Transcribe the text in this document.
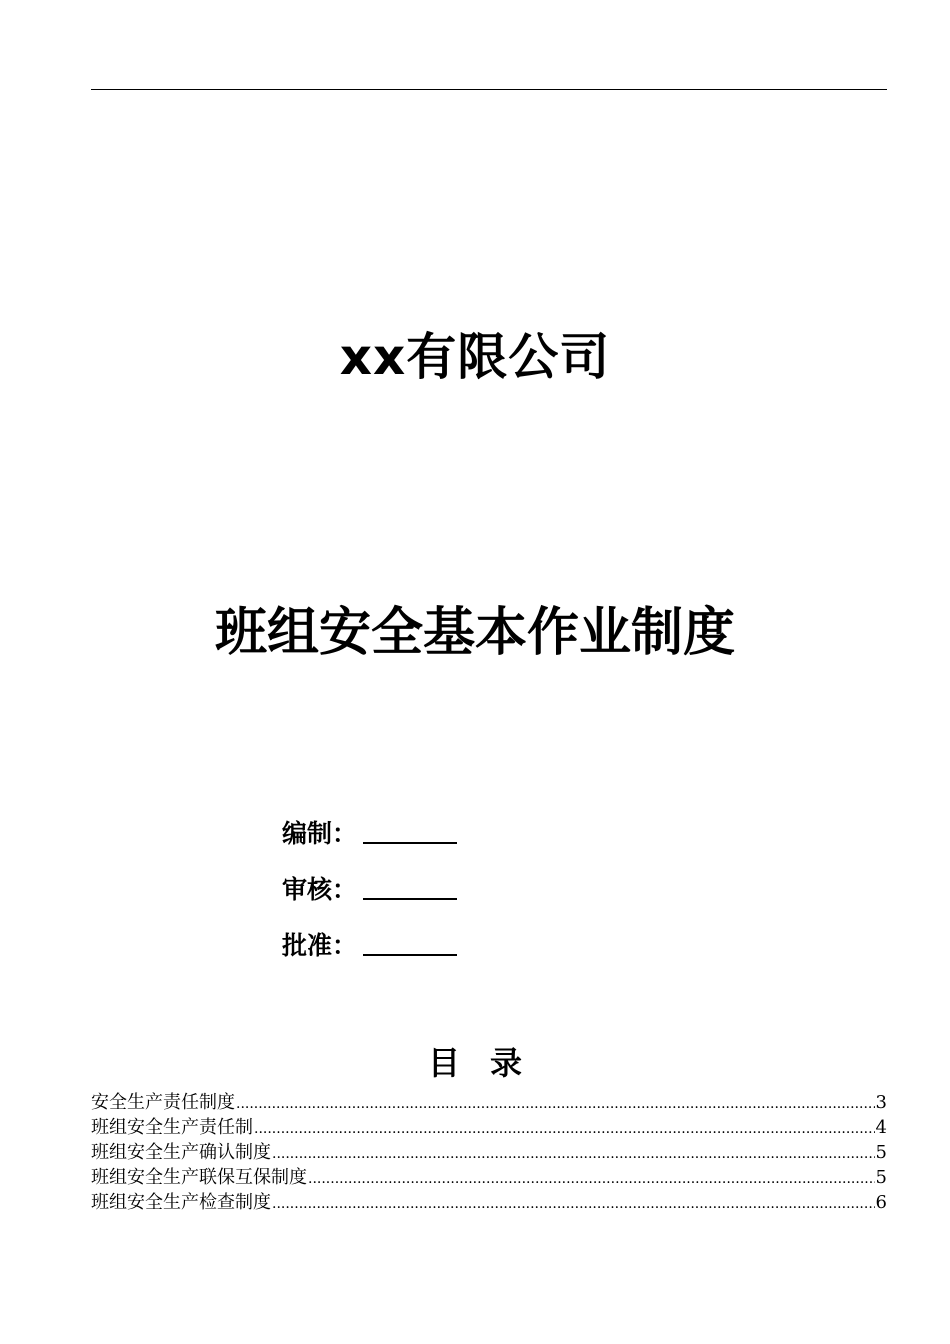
xx有限公司
班组安全基本作业制度
编制：
审核：
批准：
目录
安全生产责任制度 .....	3
班组安全生产责任制 .....	4
班组安全生产确认制度 .....	5
班组安全生产联保互保制度 .....	5
班组安全生产检查制度 .....	6
